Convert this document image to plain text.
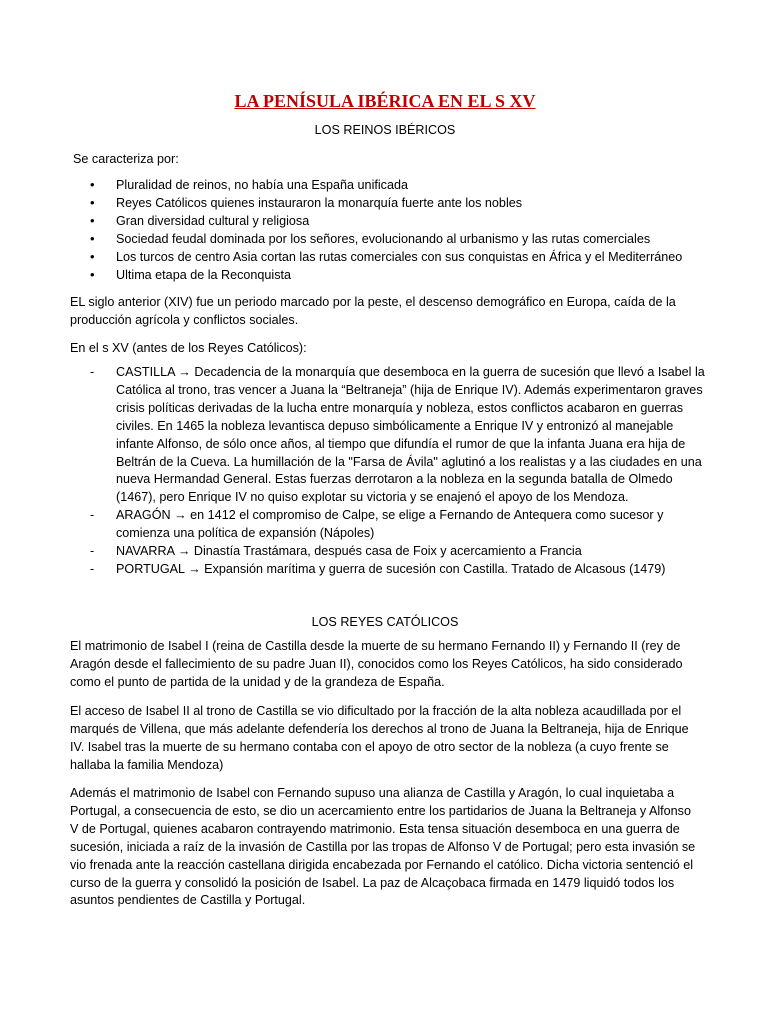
LA PENÍSULA IBÉRICA EN EL S XV
LOS REINOS IBÉRICOS
Se caracteriza por:
• Pluralidad de reinos, no había una España unificada
• Reyes Católicos quienes instauraron la monarquía fuerte ante los nobles
• Gran diversidad cultural y religiosa
• Sociedad feudal dominada por los señores, evolucionando al urbanismo y las rutas comerciales
• Los turcos de centro Asia cortan las rutas comerciales con sus conquistas en África y el Mediterráneo
• Ultima etapa de la Reconquista
EL siglo anterior (XIV) fue un periodo marcado por la peste, el descenso demográfico en Europa, caída de la producción agrícola y conflictos sociales.
En el s XV (antes de los Reyes Católicos):
- CASTILLA → Decadencia de la monarquía que desemboca en la guerra de sucesión que llevó a Isabel la Católica al trono, tras vencer a Juana la “Beltraneja” (hija de Enrique IV). Además experimentaron graves crisis políticas derivadas de la lucha entre monarquía y nobleza, estos conflictos acabaron en guerras civiles. En 1465 la nobleza levantisca depuso simbólicamente a Enrique IV y entronizó al manejable infante Alfonso, de sólo once años, al tiempo que difundía el rumor de que la infanta Juana era hija de Beltrán de la Cueva. La humillación de la "Farsa de Ávila" aglutinó a los realistas y a las ciudades en una nueva Hermandad General. Estas fuerzas derrotaron a la nobleza en la segunda batalla de Olmedo (1467), pero Enrique IV no quiso explotar su victoria y se enajenó el apoyo de los Mendoza.
- ARAGÓN → en 1412 el compromiso de Calpe, se elige a Fernando de Antequera como sucesor y comienza una política de expansión (Nápoles)
- NAVARRA → Dinastía Trastámara, después casa de Foix y acercamiento a Francia
- PORTUGAL → Expansión marítima y guerra de sucesión con Castilla. Tratado de Alcasous (1479)
LOS REYES CATÓLICOS
El matrimonio de Isabel I (reina de Castilla desde la muerte de su hermano Fernando II) y Fernando II (rey de Aragón desde el fallecimiento de su padre Juan II), conocidos como los Reyes Católicos, ha sido considerado como el punto de partida de la unidad y de la grandeza de España.
El acceso de Isabel II al trono de Castilla se vio dificultado por la fracción de la alta nobleza acaudillada por el marqués de Villena, que más adelante defendería los derechos al trono de Juana la Beltraneja, hija de Enrique IV. Isabel tras la muerte de su hermano contaba con el apoyo de otro sector de la nobleza (a cuyo frente se hallaba la familia Mendoza)
Además el matrimonio de Isabel con Fernando supuso una alianza de Castilla y Aragón, lo cual inquietaba a Portugal, a consecuencia de esto, se dio un acercamiento entre los partidarios de Juana la Beltraneja y Alfonso V de Portugal, quienes acabaron contrayendo matrimonio. Esta tensa situación desemboca en una guerra de sucesión, iniciada a raíz de la invasión de Castilla por las tropas de Alfonso V de Portugal; pero esta invasión se vio frenada ante la reacción castellana dirigida encabezada por Fernando el católico. Dicha victoria sentenció el curso de la guerra y consolidó la posición de Isabel. La paz de Alcaçobaca firmada en 1479 liquidó todos los asuntos pendientes de Castilla y Portugal.
